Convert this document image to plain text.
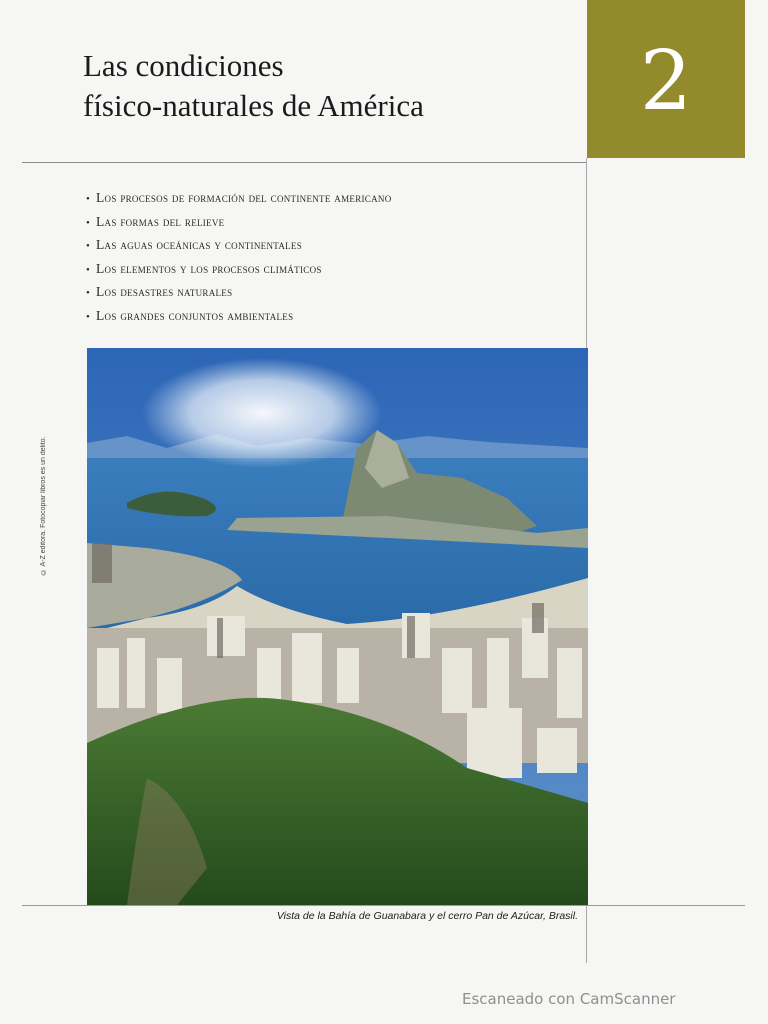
2
Las condiciones
físico-naturales de América
• Los procesos de formación del continente americano
• Las formas del relieve
• Las aguas oceánicas y continentales
• Los elementos y los procesos climáticos
• Los desastres naturales
• Los grandes conjuntos ambientales
© A-Z editora. Fotocopiar libros es un delito.
Vista de la Bahía de Guanabara y el cerro Pan de Azúcar, Brasil.
Escaneado con CamScanner
